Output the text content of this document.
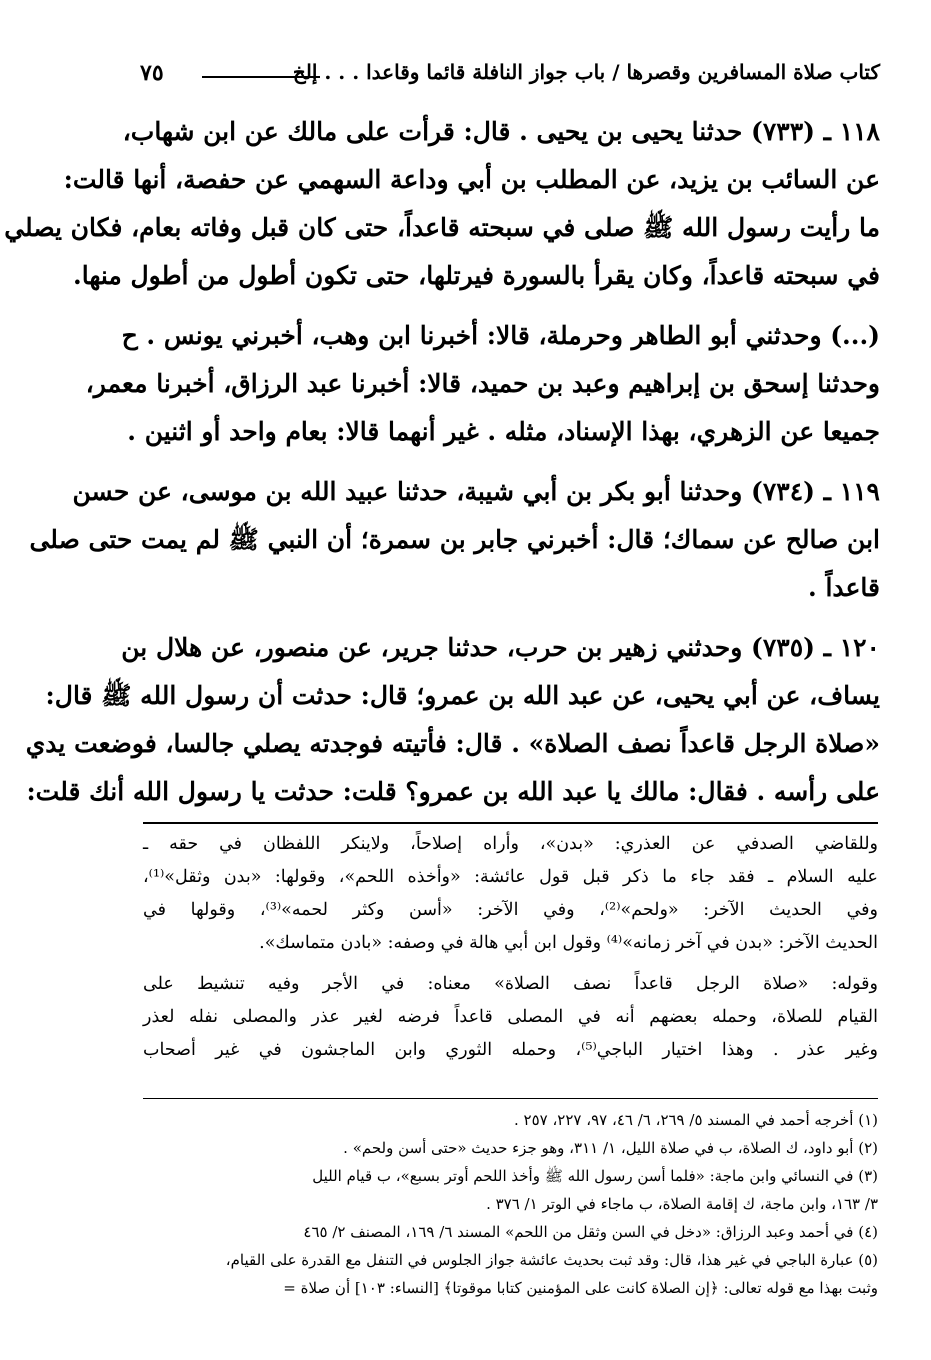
كتاب صلاة المسافرين وقصرها / باب جواز النافلة قائما وقاعدا . . . إلخ
٧٥
١١٨ ـ (٧٣٣) حدثنا يحيى بن يحيى . قال: قرأت على مالك عن ابن شهاب،
عن السائب بن يزيد، عن المطلب بن أبي وداعة السهمي عن حفصة، أنها قالت:
ما رأيت رسول الله ﷺ صلى في سبحته قاعداً، حتى كان قبل وفاته بعام، فكان يصلي
في سبحته قاعداً، وكان يقرأ بالسورة فيرتلها، حتى تكون أطول من أطول منها.
(...) وحدثني أبو الطاهر وحرملة، قالا: أخبرنا ابن وهب، أخبرني يونس . ح
وحدثنا إسحق بن إبراهيم وعبد بن حميد، قالا: أخبرنا عبد الرزاق، أخبرنا معمر،
جميعا عن الزهري، بهذا الإسناد، مثله . غير أنهما قالا: بعام واحد أو اثنين .
١١٩ ـ (٧٣٤) وحدثنا أبو بكر بن أبي شيبة، حدثنا عبيد الله بن موسى، عن حسن
ابن صالح عن سماك؛ قال: أخبرني جابر بن سمرة؛ أن النبي ﷺ لم يمت حتى صلى
قاعداً .
١٢٠ ـ (٧٣٥) وحدثني زهير بن حرب، حدثنا جرير، عن منصور، عن هلال بن
يساف، عن أبي يحيى، عن عبد الله بن عمرو؛ قال: حدثت أن رسول الله ﷺ قال:
«صلاة الرجل قاعداً نصف الصلاة» . قال: فأتيته فوجدته يصلي جالسا، فوضعت يدي
على رأسه . فقال: مالك يا عبد الله بن عمرو؟ قلت: حدثت يا رسول الله أنك قلت:
وللقاضي الصدفي عن العذري: «بدن»، وأراه إصلاحاً، ولاينكر اللفظان في حقه ـ
عليه السلام ـ فقد جاء ما ذكر قبل قول عائشة: «وأخذه اللحم»، وقولها: «بدن وثقل»⁽¹⁾،
وفي الحديث الآخر: «ولحم»⁽²⁾، وفي الآخر: «أسن وكثر لحمه»⁽³⁾، وقولها في
الحديث الآخر: «بدن في آخر زمانه»⁽⁴⁾ وقول ابن أبي هالة في وصفه: «بادن متماسك».
وقوله: «صلاة الرجل قاعداً نصف الصلاة» معناه: في الأجر وفيه تنشيط على
القيام للصلاة، وحمله بعضهم أنه في المصلى قاعداً فرضه لغير عذر والمصلى نفله لعذر
وغير عذر . وهذا اختيار الباجي⁽⁵⁾، وحمله الثوري وابن الماجشون في غير أصحاب
(١) أخرجه أحمد في المسند ٥/ ٢٦٩، ٦/ ٤٦، ٩٧، ٢٢٧، ٢٥٧ .
(٢) أبو داود، ك الصلاة، ب في صلاة الليل، ١/ ٣١١، وهو جزء حديث «حتى أسن ولحم» .
(٣) في النسائي وابن ماجة: «فلما أسن رسول الله ﷺ وأخذ اللحم أوتر بسبع»، ب قيام الليل
٣/ ١٦٣، وابن ماجة، ك إقامة الصلاة، ب ماجاء في الوتر ١/ ٣٧٦ .
(٤) في أحمد وعبد الرزاق: «دخل في السن وثقل من اللحم» المسند ٦/ ١٦٩، المصنف ٢/ ٤٦٥
(٥) عبارة الباجي في غير هذا، قال: وقد ثبت بحديث عائشة جواز الجلوس في التنفل مع القدرة على القيام،
وثبت بهذا مع قوله تعالى: ﴿إن الصلاة كانت على المؤمنين كتابا موقوتا﴾ [النساء: ١٠٣] أن صلاة =
